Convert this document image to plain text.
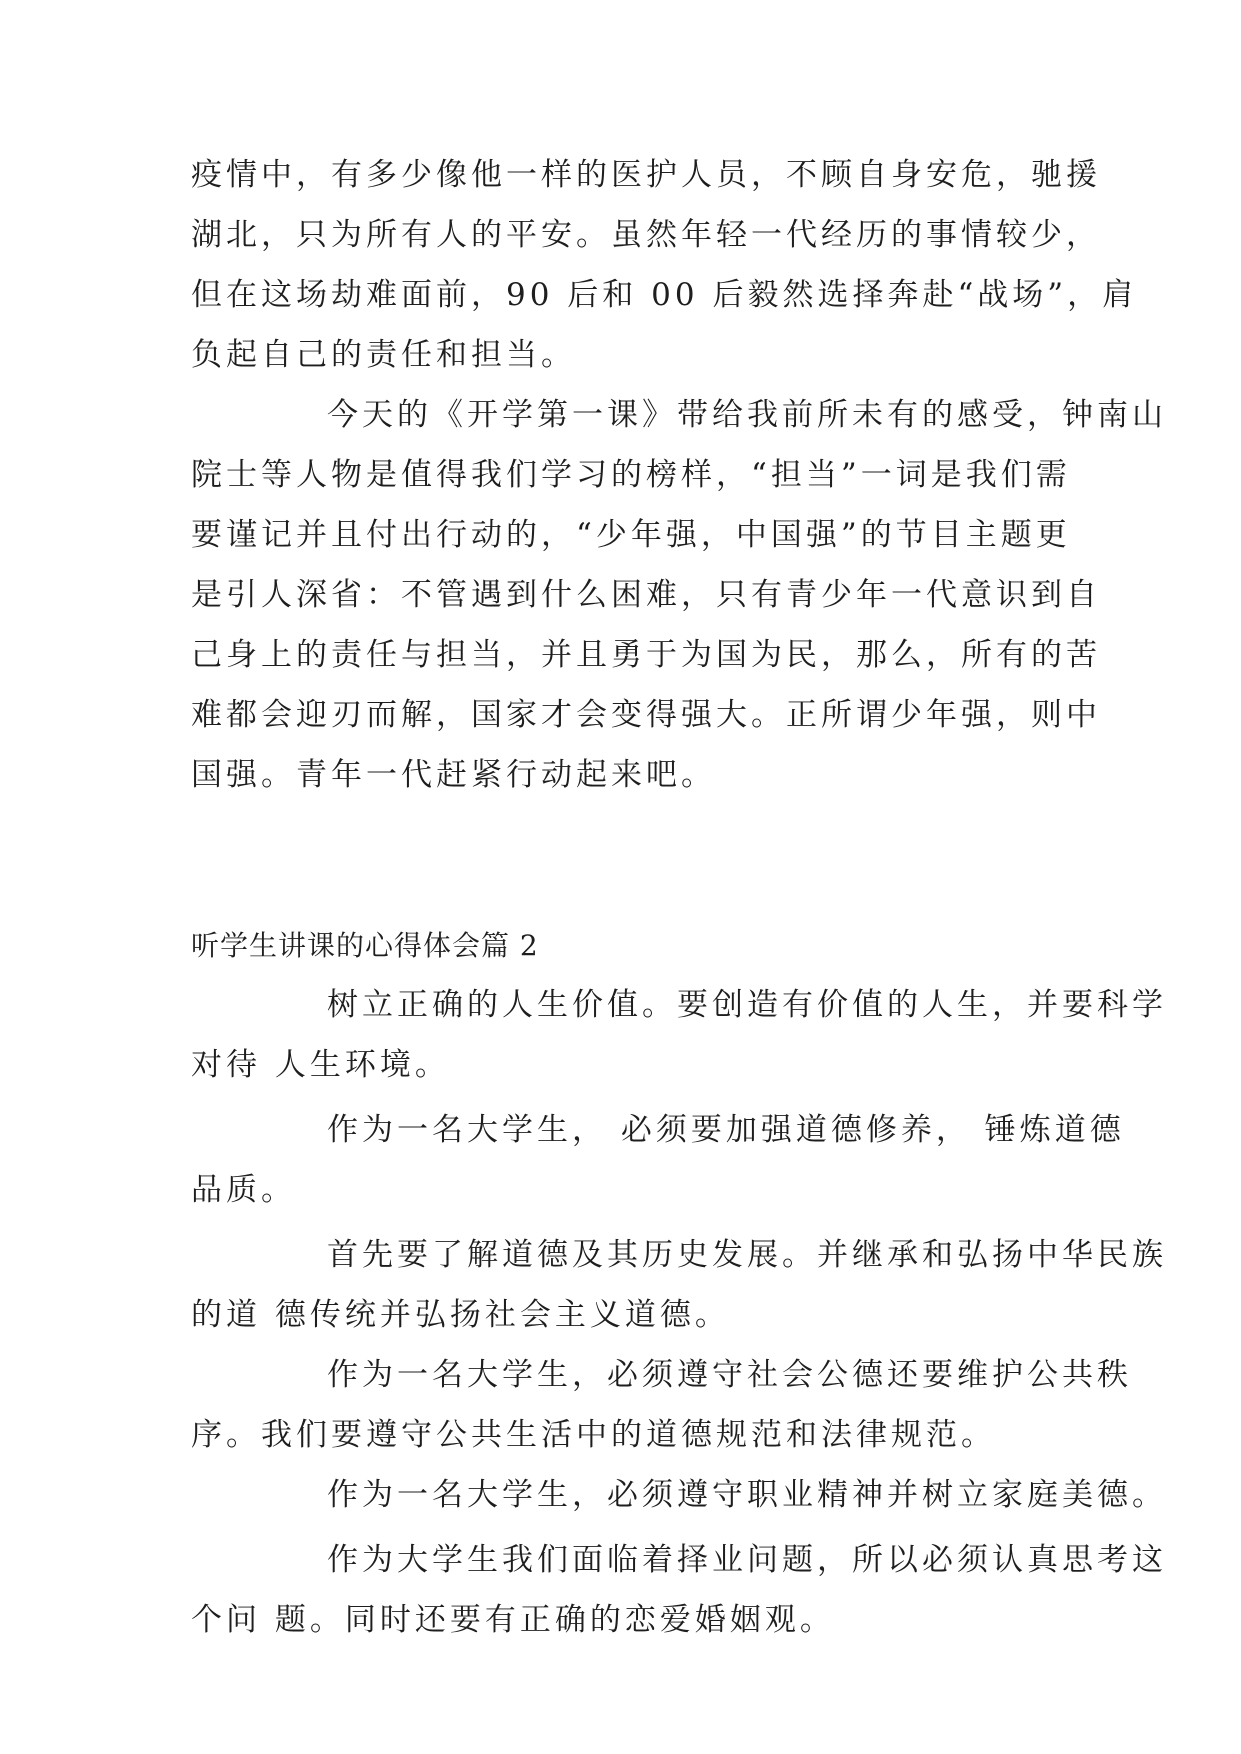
疫情中，有多少像他一样的医护人员，不顾自身安危，驰援
湖北，只为所有人的平安。虽然年轻一代经历的事情较少，
但在这场劫难面前，90 后和 00 后毅然选择奔赴“战场”，肩
负起自己的责任和担当。
今天的《开学第一课》带给我前所未有的感受，钟南山
院士等人物是值得我们学习的榜样，“担当”一词是我们需
要谨记并且付出行动的，“少年强，中国强”的节目主题更
是引人深省：不管遇到什么困难，只有青少年一代意识到自
己身上的责任与担当，并且勇于为国为民，那么，所有的苦
难都会迎刃而解，国家才会变得强大。正所谓少年强，则中
国强。青年一代赶紧行动起来吧。
听学生讲课的心得体会篇 2
树立正确的人生价值。要创造有价值的人生，并要科学
对待 人生环境。
作为一名大学生， 必须要加强道德修养， 锤炼道德
品质。
首先要了解道德及其历史发展。并继承和弘扬中华民族
的道 德传统并弘扬社会主义道德。
作为一名大学生，必须遵守社会公德还要维护公共秩
序。我们要遵守公共生活中的道德规范和法律规范。
作为一名大学生，必须遵守职业精神并树立家庭美德。
作为大学生我们面临着择业问题，所以必须认真思考这
个问 题。同时还要有正确的恋爱婚姻观。
